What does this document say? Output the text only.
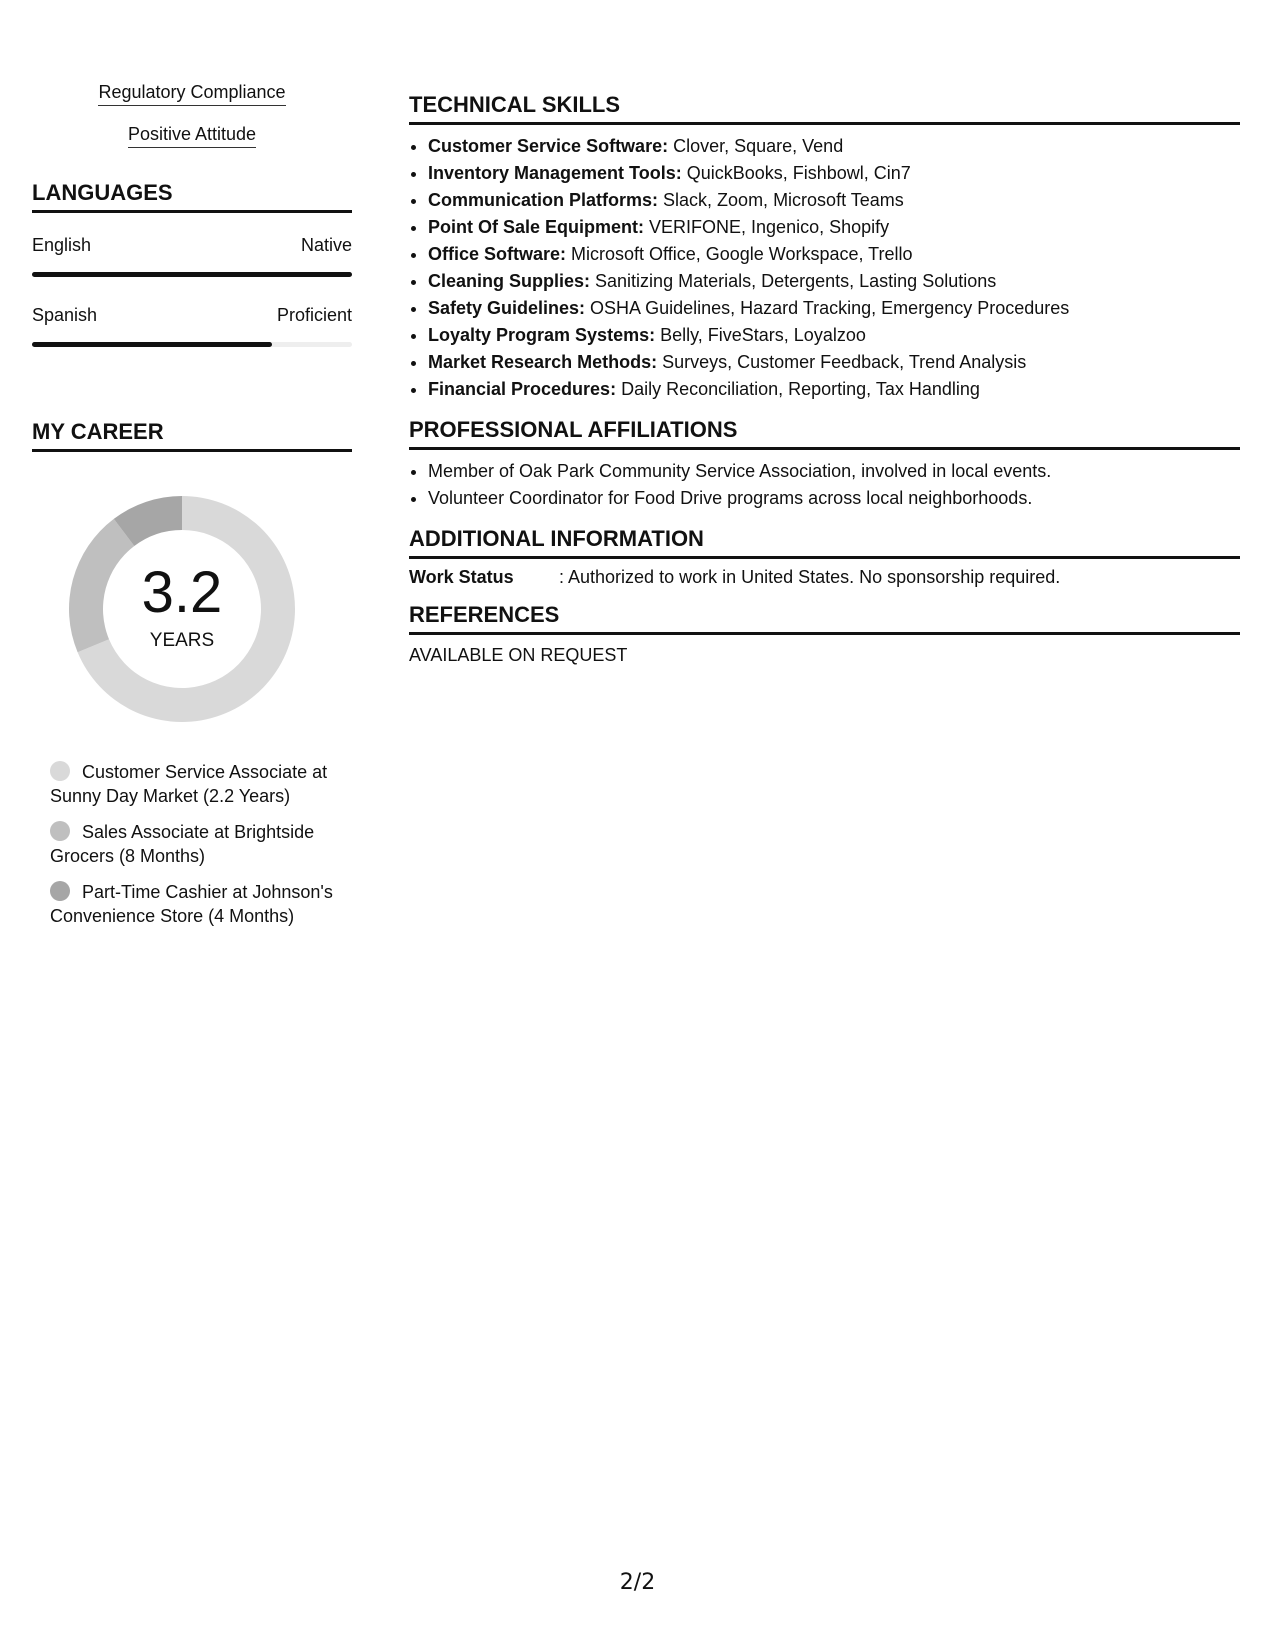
Regulatory Compliance
Positive Attitude
LANGUAGES
English	Native
Spanish	Proficient
MY CAREER
3.2
YEARS
Customer Service Associate at Sunny Day Market (2.2 Years)
Sales Associate at Brightside Grocers (8 Months)
Part-Time Cashier at Johnson's Convenience Store (4 Months)
TECHNICAL SKILLS
• Customer Service Software: Clover, Square, Vend
• Inventory Management Tools: QuickBooks, Fishbowl, Cin7
• Communication Platforms: Slack, Zoom, Microsoft Teams
• Point Of Sale Equipment: VERIFONE, Ingenico, Shopify
• Office Software: Microsoft Office, Google Workspace, Trello
• Cleaning Supplies: Sanitizing Materials, Detergents, Lasting Solutions
• Safety Guidelines: OSHA Guidelines, Hazard Tracking, Emergency Procedures
• Loyalty Program Systems: Belly, FiveStars, Loyalzoo
• Market Research Methods: Surveys, Customer Feedback, Trend Analysis
• Financial Procedures: Daily Reconciliation, Reporting, Tax Handling
PROFESSIONAL AFFILIATIONS
• Member of Oak Park Community Service Association, involved in local events.
• Volunteer Coordinator for Food Drive programs across local neighborhoods.
ADDITIONAL INFORMATION
Work Status	: Authorized to work in United States. No sponsorship required.
REFERENCES
AVAILABLE ON REQUEST
2/2
